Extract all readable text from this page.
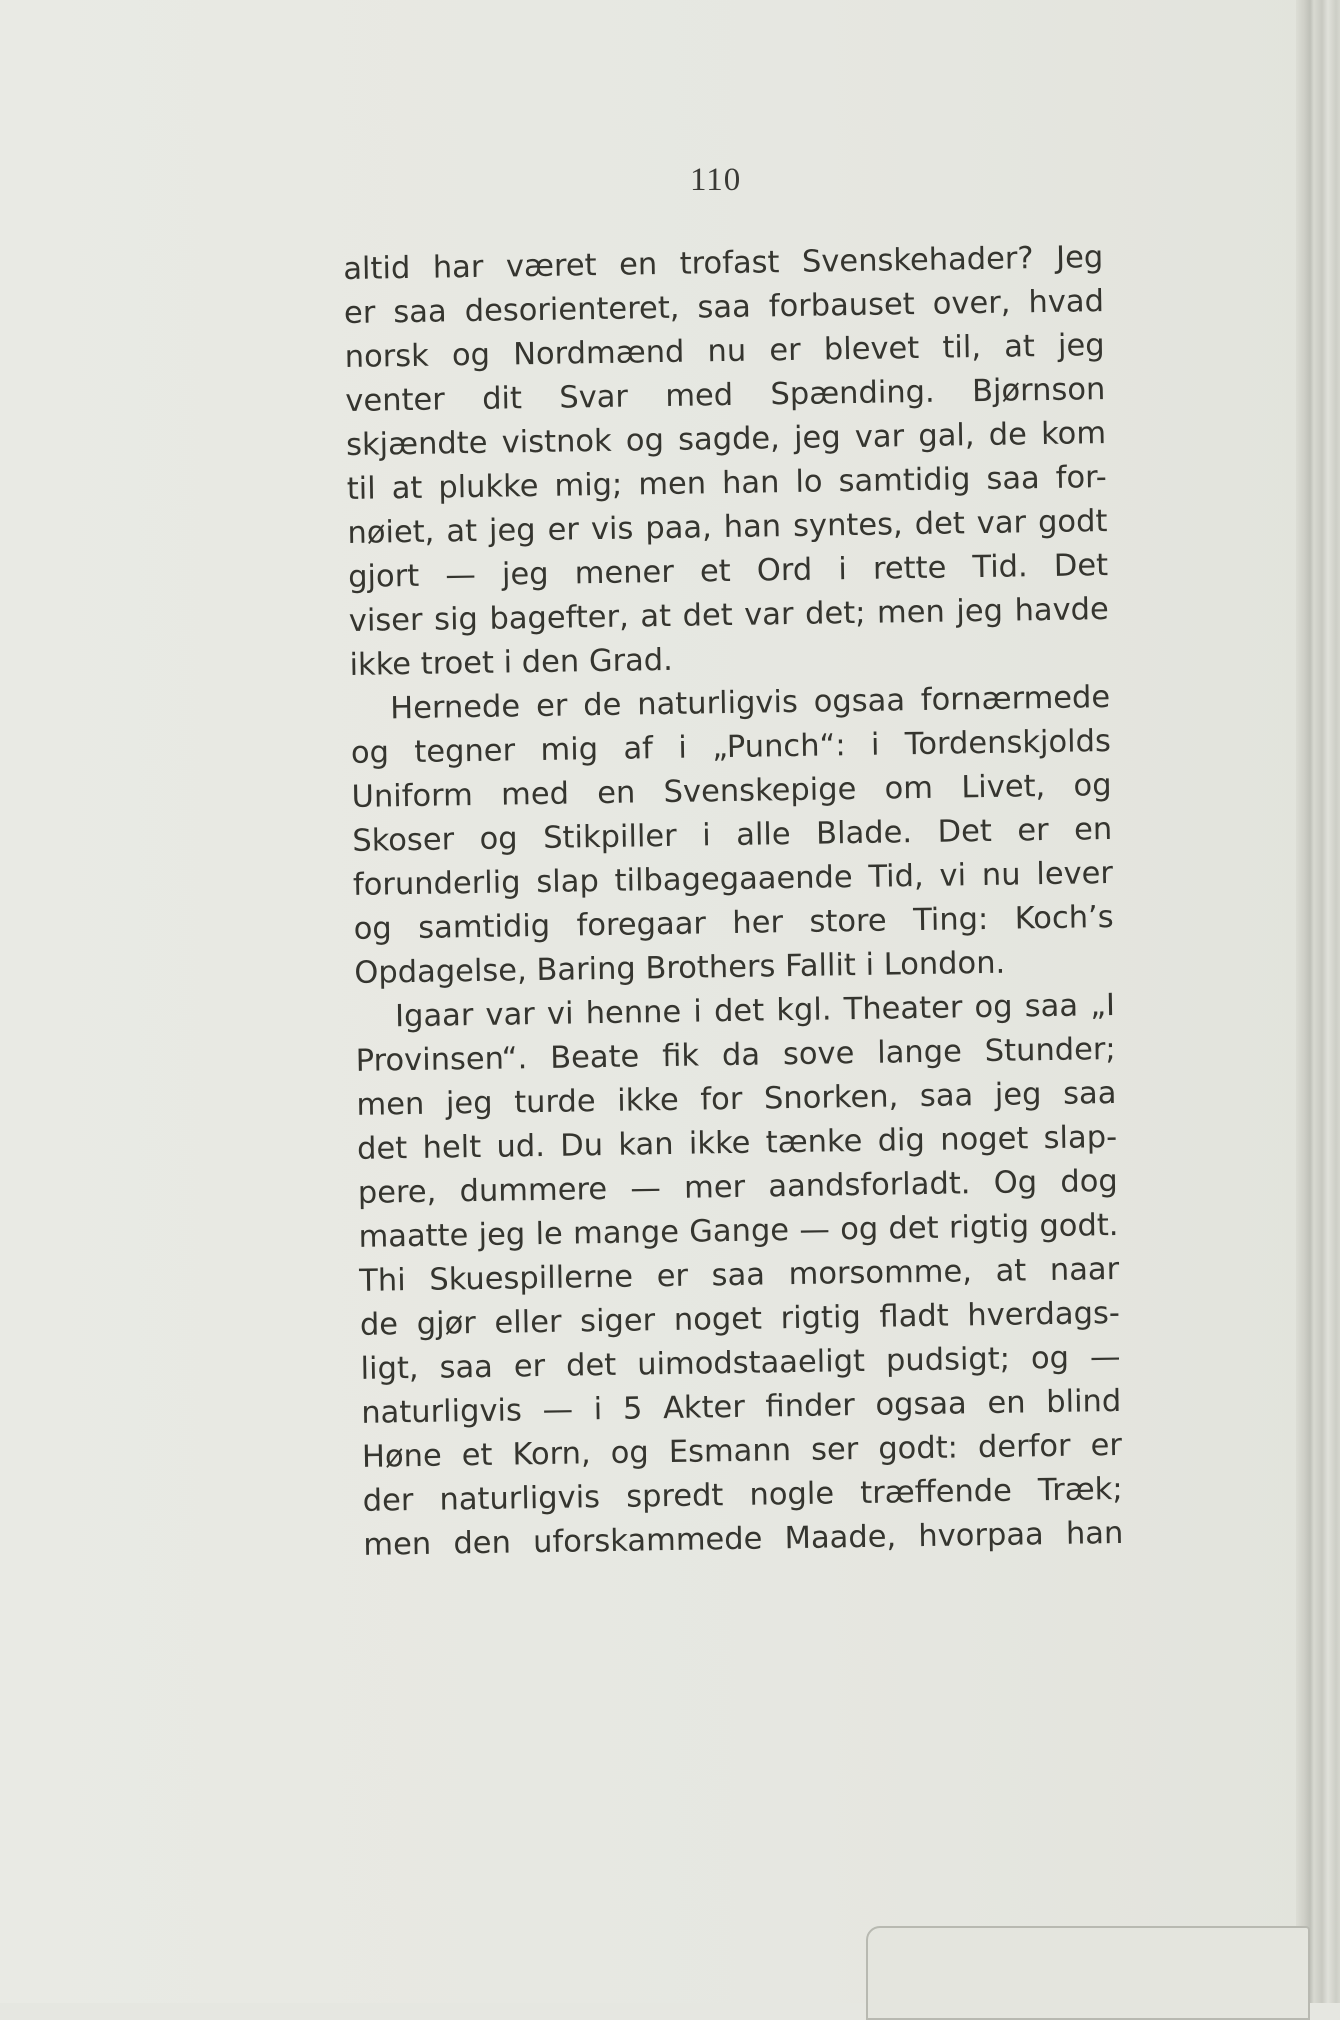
110
altid har været en trofast Svenskehader? Jeg
er saa desorienteret, saa forbauset over, hvad
norsk og Nordmænd nu er blevet til, at jeg
venter dit Svar med Spænding. Bjørnson
skjændte vistnok og sagde, jeg var gal, de kom
til at plukke mig; men han lo samtidig saa for-
nøiet, at jeg er vis paa, han syntes, det var godt
gjort — jeg mener et Ord i rette Tid. Det
viser sig bagefter, at det var det; men jeg havde
ikke troet i den Grad.
Hernede er de naturligvis ogsaa fornærmede
og tegner mig af i „Punch“: i Tordenskjolds
Uniform med en Svenskepige om Livet, og
Skoser og Stikpiller i alle Blade. Det er en
forunderlig slap tilbagegaaende Tid, vi nu lever
og samtidig foregaar her store Ting: Koch’s
Opdagelse, Baring Brothers Fallit i London.
Igaar var vi henne i det kgl. Theater og saa „I
Provinsen“. Beate fik da sove lange Stunder;
men jeg turde ikke for Snorken, saa jeg saa
det helt ud. Du kan ikke tænke dig noget slap-
pere, dummere — mer aandsforladt. Og dog
maatte jeg le mange Gange — og det rigtig godt.
Thi Skuespillerne er saa morsomme, at naar
de gjør eller siger noget rigtig fladt hverdags-
ligt, saa er det uimodstaaeligt pudsigt; og —
naturligvis — i 5 Akter finder ogsaa en blind
Høne et Korn, og Esmann ser godt: derfor er
der naturligvis spredt nogle træffende Træk;
men den uforskammede Maade, hvorpaa han
